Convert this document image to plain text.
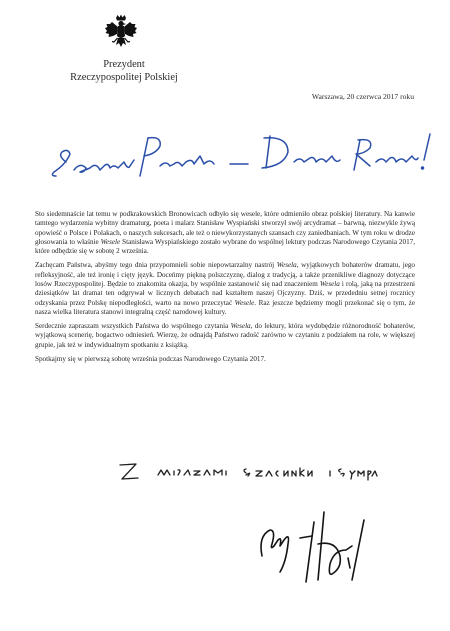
Prezydent
Rzeczypospolitej Polskiej
Warszawa, 20 czerwca 2017 roku

Sto siedemnaście lat temu w podkrakowskich Bronowicach odbyło się wesele, które odmieniło obraz polskiej literatury. Na kanwie tamtego wydarzenia wybitny dramaturg, poeta i malarz Stanisław Wyspiański stworzył swój arcydramat – barwną, niezwykle żywą opowieść o Polsce i Polakach, o naszych sukcesach, ale też o niewykorzystanych szansach czy zaniedbaniach. W tym roku w drodze głosowania to właśnie Wesele Stanisława Wyspiańskiego zostało wybrane do wspólnej lektury podczas Narodowego Czytania 2017, które odbędzie się w sobotę 2 września.

Zachęcam Państwa, abyśmy tego dnia przypomnieli sobie niepowtarzalny nastrój Wesela, wyjątkowych bohaterów dramatu, jego refleksyjność, ale też ironię i cięty język. Doceńmy piękną polszczyznę, dialog z tradycją, a także przenikliwe diagnozy dotyczące losów Rzeczypospolitej. Będzie to znakomita okazja, by wspólnie zastanowić się nad znaczeniem Wesela i rolą, jaką na przestrzeni dziesiątków lat dramat ten odgrywał w licznych debatach nad kształtem naszej Ojczyzny. Dziś, w przededniu setnej rocznicy odzyskania przez Polskę niepodległości, warto na nowo przeczytać Wesele. Raz jeszcze będziemy mogli przekonać się o tym, że nasza wielka literatura stanowi integralną część narodowej kultury.

Serdecznie zapraszam wszystkich Państwa do wspólnego czytania Wesela, do lektury, która wydobędzie różnorodność bohaterów, wyjątkową scenerię, bogactwo odniesień. Wierzę, że odnajdą Państwo radość zarówno w czytaniu z podziałem na role, w większej grupie, jak też w indywidualnym spotkaniu z książką.

Spotkajmy się w pierwszą sobotę września podczas Narodowego Czytania 2017.
